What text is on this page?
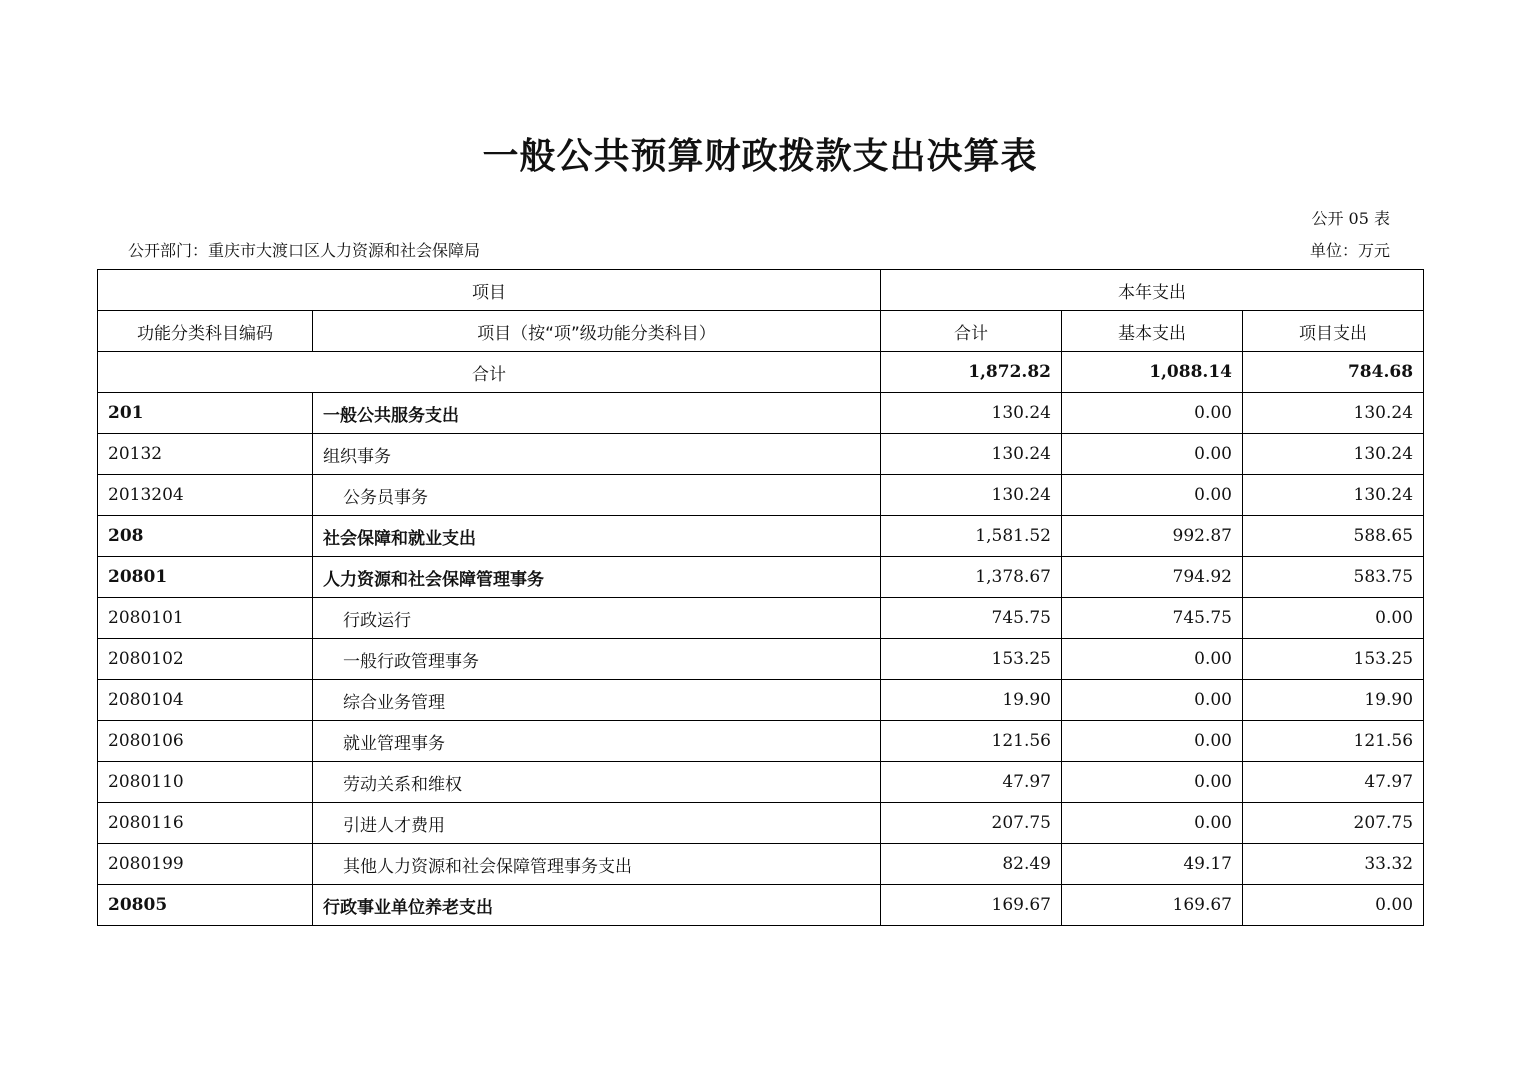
一般公共预算财政拨款支出决算表
公开 05 表
公开部门：重庆市大渡口区人力资源和社会保障局	单位：万元
项目		本年支出		
功能分类科目编码	项目（按“项”级功能分类科目）	合计	基本支出	项目支出
合计		1,872.82	1,088.14	784.68
201	一般公共服务支出	130.24	0.00	130.24
20132	组织事务	130.24	0.00	130.24
2013204	公务员事务	130.24	0.00	130.24
208	社会保障和就业支出	1,581.52	992.87	588.65
20801	人力资源和社会保障管理事务	1,378.67	794.92	583.75
2080101	行政运行	745.75	745.75	0.00
2080102	一般行政管理事务	153.25	0.00	153.25
2080104	综合业务管理	19.90	0.00	19.90
2080106	就业管理事务	121.56	0.00	121.56
2080110	劳动关系和维权	47.97	0.00	47.97
2080116	引进人才费用	207.75	0.00	207.75
2080199	其他人力资源和社会保障管理事务支出	82.49	49.17	33.32
20805	行政事业单位养老支出	169.67	169.67	0.00
